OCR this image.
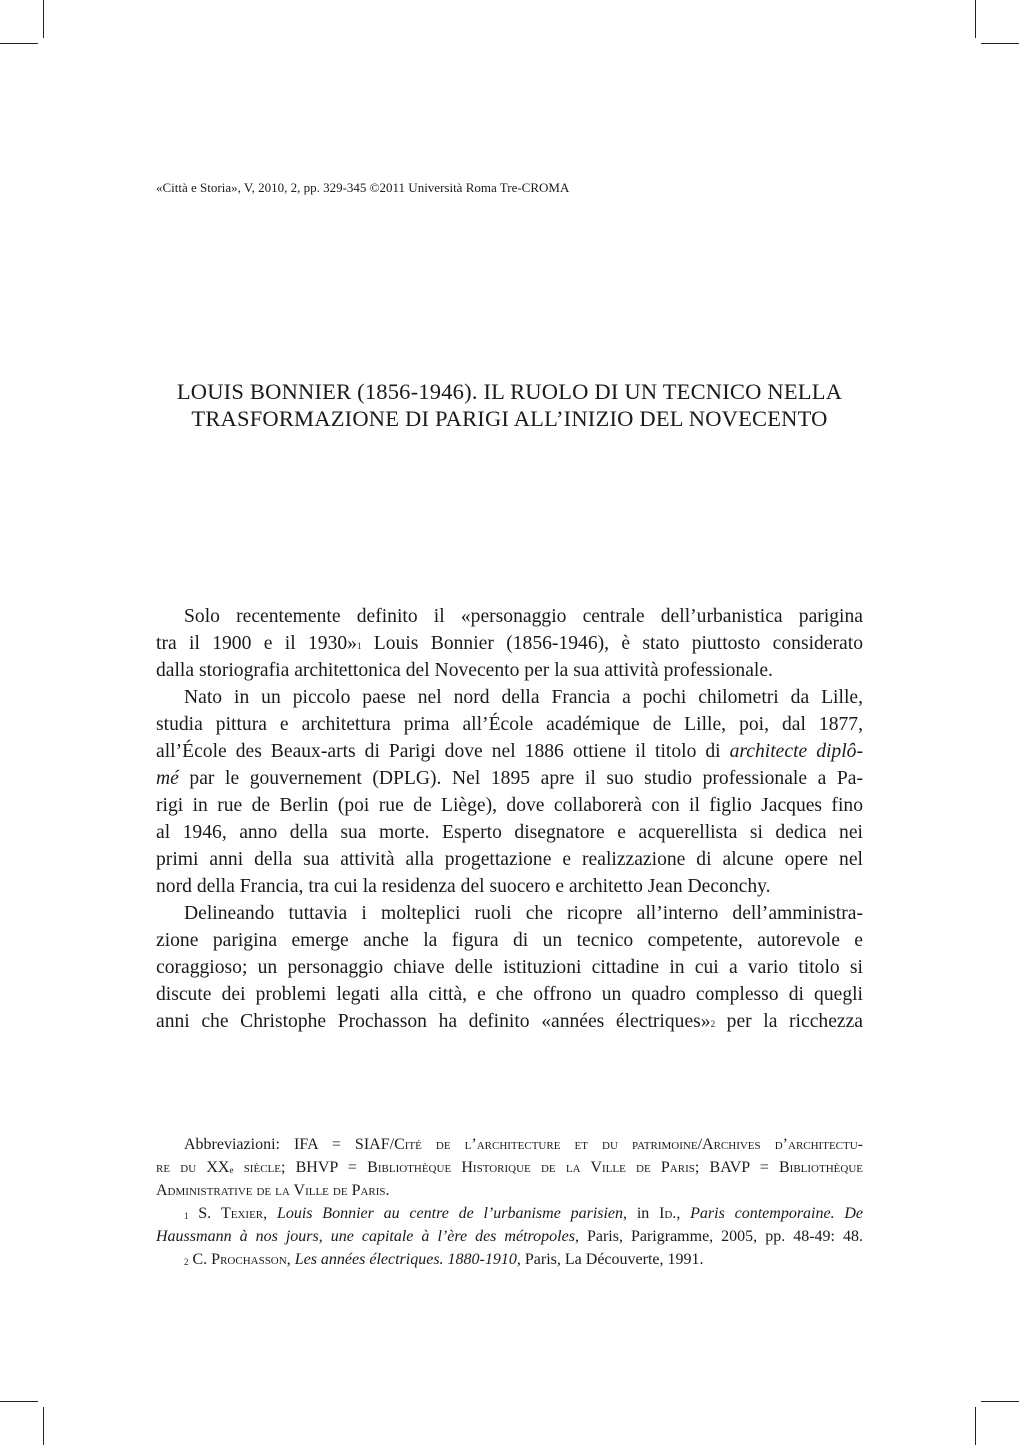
«Città e Storia», V, 2010, 2, pp. 329-345 ©2011 Università Roma Tre-CROMA
LOUIS BONNIER (1856-1946). IL RUOLO DI UN TECNICO NELLA
TRASFORMAZIONE DI PARIGI ALL’INIZIO DEL NOVECENTO
Solo recentemente definito il «personaggio centrale dell’urbanistica parigina
tra il 1900 e il 1930»$^1$ Louis Bonnier (1856-1946), è stato piuttosto considerato
dalla storiografia architettonica del Novecento per la sua attività professionale.
Nato in un piccolo paese nel nord della Francia a pochi chilometri da Lille,
studia pittura e architettura prima all’École académique de Lille, poi, dal 1877,
all’École des Beaux-arts di Parigi dove nel 1886 ottiene il titolo di architecte diplô-
mé par le gouvernement (DPLG). Nel 1895 apre il suo studio professionale a Pa-
rigi in rue de Berlin (poi rue de Liège), dove collaborerà con il figlio Jacques fino
al 1946, anno della sua morte. Esperto disegnatore e acquerellista si dedica nei
primi anni della sua attività alla progettazione e realizzazione di alcune opere nel
nord della Francia, tra cui la residenza del suocero e architetto Jean Deconchy.
Delineando tuttavia i molteplici ruoli che ricopre all’interno dell’amministra-
zione parigina emerge anche la figura di un tecnico competente, autorevole e
coraggioso; un personaggio chiave delle istituzioni cittadine in cui a vario titolo si
discute dei problemi legati alla città, e che offrono un quadro complesso di quegli
anni che Christophe Prochasson ha definito «années électriques»$^2$ per la ricchezza
Abbreviazioni: IFA = SIAF/Cité de l’architecture et du patrimoine/Archives d’architectu-
re du XXe siècle; BHVP = Bibliothèque Historique de la Ville de Paris; BAVP = Bibliothèque
Administrative de la Ville de Paris.
$^1$ S. Texier, Louis Bonnier au centre de l’urbanisme parisien, in Id., Paris contemporaine. De
Haussmann à nos jours, une capitale à l’ère des métropoles, Paris, Parigramme, 2005, pp. 48-49: 48.
$^2$ C. Prochasson, Les années électriques. 1880-1910, Paris, La Découverte, 1991.
